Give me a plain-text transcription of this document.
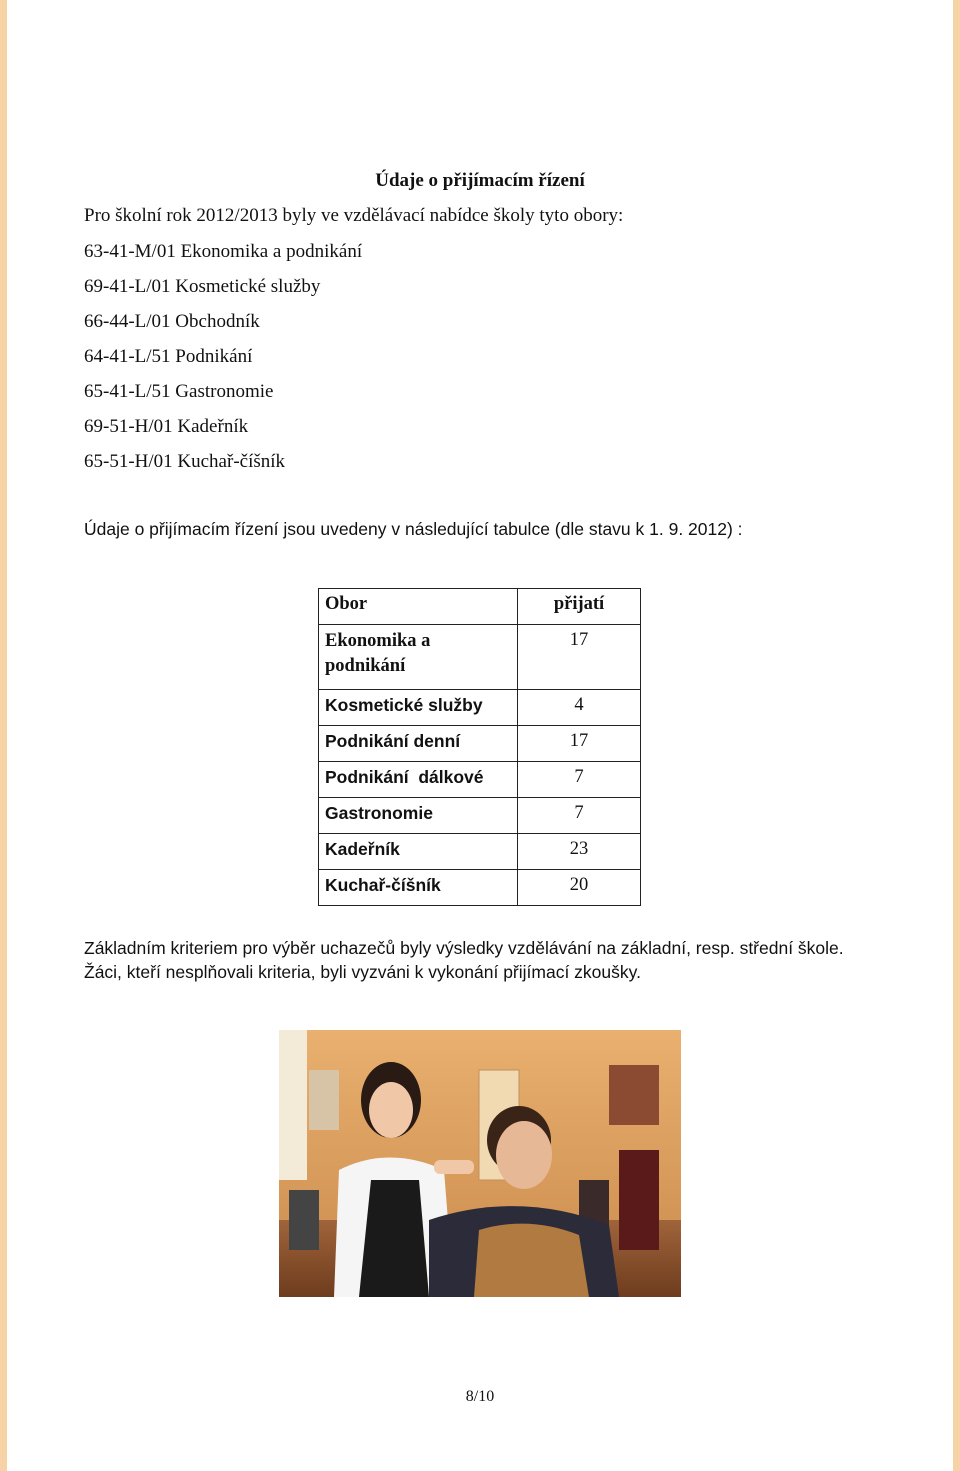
Údaje o přijímacím řízení
Pro školní rok 2012/2013 byly ve vzdělávací nabídce školy tyto obory:
63-41-M/01 Ekonomika a podnikání
69-41-L/01 Kosmetické služby
66-44-L/01 Obchodník
64-41-L/51 Podnikání
65-41-L/51 Gastronomie
69-51-H/01 Kadeřník
65-51-H/01 Kuchař-číšník
Údaje o přijímacím řízení jsou uvedeny v následující tabulce (dle stavu k 1. 9. 2012) :
Obor	přijatí
Ekonomika a podnikání	17
Kosmetické služby	4
Podnikání denní	17
Podnikání  dálkové	7
Gastronomie	7
Kadeřník	23
Kuchař-číšník	20
Základním kriteriem pro výběr uchazečů byly výsledky vzdělávání na základní, resp. střední škole. Žáci, kteří nesplňovali kriteria, byli vyzváni k vykonání přijímací zkoušky.
8/10
